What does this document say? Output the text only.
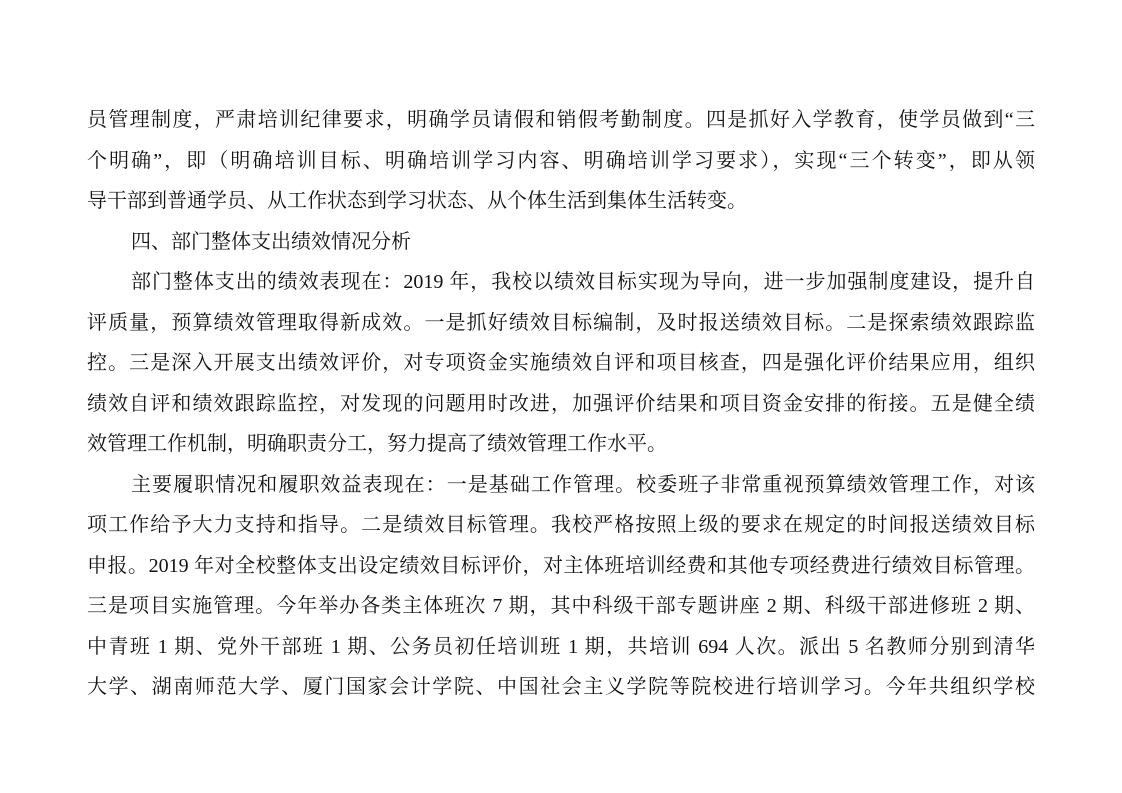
员管理制度，严肃培训纪律要求，明确学员请假和销假考勤制度。四是抓好入学教育，使学员做到“三
个明确”，即（明确培训目标、明确培训学习内容、明确培训学习要求），实现“三个转变”，即从领
导干部到普通学员、从工作状态到学习状态、从个体生活到集体生活转变。
四、部门整体支出绩效情况分析
部门整体支出的绩效表现在：2019 年，我校以绩效目标实现为导向，进一步加强制度建设，提升自
评质量，预算绩效管理取得新成效。一是抓好绩效目标编制，及时报送绩效目标。二是探索绩效跟踪监
控。三是深入开展支出绩效评价，对专项资金实施绩效自评和项目核查，四是强化评价结果应用，组织
绩效自评和绩效跟踪监控，对发现的问题用时改进，加强评价结果和项目资金安排的衔接。五是健全绩
效管理工作机制，明确职责分工，努力提高了绩效管理工作水平。
主要履职情况和履职效益表现在：一是基础工作管理。校委班子非常重视预算绩效管理工作，对该
项工作给予大力支持和指导。二是绩效目标管理。我校严格按照上级的要求在规定的时间报送绩效目标
申报。2019 年对全校整体支出设定绩效目标评价，对主体班培训经费和其他专项经费进行绩效目标管理。
三是项目实施管理。今年举办各类主体班次 7 期，其中科级干部专题讲座 2 期、科级干部进修班 2 期、
中青班 1 期、党外干部班 1 期、公务员初任培训班 1 期，共培训 694 人次。派出 5 名教师分别到清华
大学、湖南师范大学、厦门国家会计学院、中国社会主义学院等院校进行培训学习。今年共组织学校
